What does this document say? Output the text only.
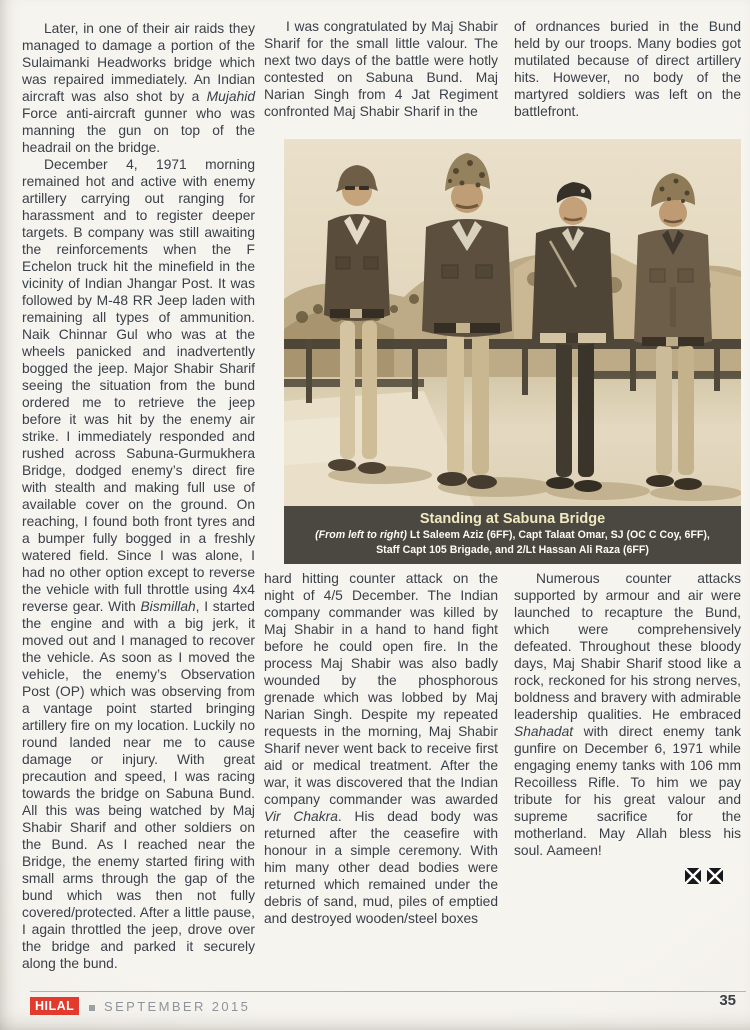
Later, in one of their air raids they managed to damage a portion of the Sulaimanki Headworks bridge which was repaired immediately. An Indian aircraft was also shot by a Mujahid Force anti-aircraft gunner who was manning the gun on top of the headrail on the bridge.

December 4, 1971 morning remained hot and active with enemy artillery carrying out ranging for harassment and to register deeper targets. B company was still awaiting the reinforcements when the F Echelon truck hit the minefield in the vicinity of Indian Jhangar Post. It was followed by M-48 RR Jeep laden with remaining all types of ammunition. Naik Chinnar Gul who was at the wheels panicked and inadvertently bogged the jeep. Major Shabir Sharif seeing the situation from the bund ordered me to retrieve the jeep before it was hit by the enemy air strike. I immediately responded and rushed across Sabuna-Gurmukhera Bridge, dodged enemy’s direct fire with stealth and making full use of available cover on the ground. On reaching, I found both front tyres and a bumper fully bogged in a freshly watered field. Since I was alone, I had no other option except to reverse the vehicle with full throttle using 4x4 reverse gear. With Bismillah, I started the engine and with a big jerk, it moved out and I managed to recover the vehicle. As soon as I moved the vehicle, the enemy’s Observation Post (OP) which was observing from a vantage point started bringing artillery fire on my location. Luckily no round landed near me to cause damage or injury. With great precaution and speed, I was racing towards the bridge on Sabuna Bund. All this was being watched by Maj Shabir Sharif and other soldiers on the Bund. As I reached near the Bridge, the enemy started firing with small arms through the gap of the bund which was then not fully covered/protected. After a little pause, I again throttled the jeep, drove over the bridge and parked it securely along the bund.

I was congratulated by Maj Shabir Sharif for the small little valour. The next two days of the battle were hotly contested on Sabuna Bund. Maj Narian Singh from 4 Jat Regiment confronted Maj Shabir Sharif in the

of ordnances buried in the Bund held by our troops. Many bodies got mutilated because of direct artillery hits. However, no body of the martyred soldiers was left on the battlefront.

Standing at Sabuna Bridge
(From left to right) Lt Saleem Aziz (6FF), Capt Talaat Omar, SJ (OC C Coy, 6FF), Staff Capt 105 Brigade, and 2/Lt Hassan Ali Raza (6FF)

hard hitting counter attack on the night of 4/5 December. The Indian company commander was killed by Maj Shabir in a hand to hand fight before he could open fire. In the process Maj Shabir was also badly wounded by the phosphorous grenade which was lobbed by Maj Narian Singh. Despite my repeated requests in the morning, Maj Shabir Sharif never went back to receive first aid or medical treatment. After the war, it was discovered that the Indian company commander was awarded Vir Chakra. His dead body was returned after the ceasefire with honour in a simple ceremony. With him many other dead bodies were returned which remained under the debris of sand, mud, piles of emptied and destroyed wooden/steel boxes

Numerous counter attacks supported by armour and air were launched to recapture the Bund, which were comprehensively defeated. Throughout these bloody days, Maj Shabir Sharif stood like a rock, reckoned for his strong nerves, boldness and bravery with admirable leadership qualities. He embraced Shahadat with direct enemy tank gunfire on December 6, 1971 while engaging enemy tanks with 106 mm Recoilless Rifle. To him we pay tribute for his great valour and supreme sacrifice for the motherland. May Allah bless his soul. Aameen!

HILAL	SEPTEMBER 2015	35
